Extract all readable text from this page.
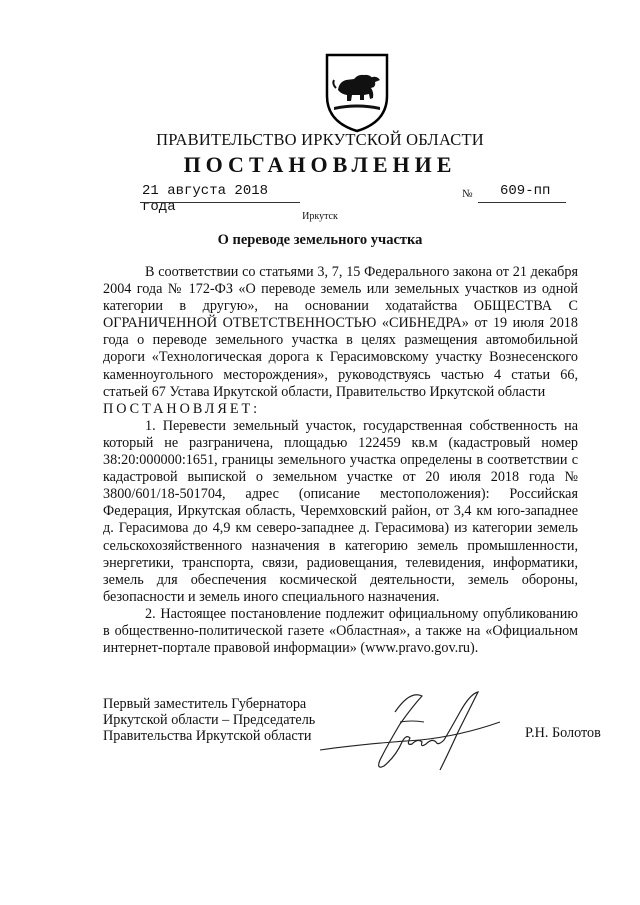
ПРАВИТЕЛЬСТВО ИРКУТСКОЙ ОБЛАСТИ
ПОСТАНОВЛЕНИЕ
21 августа 2018 года
№ 609-пп
Иркутск
О переводе земельного участка

В соответствии со статьями 3, 7, 15 Федерального закона от 21 декабря 2004 года № 172-ФЗ «О переводе земель или земельных участков из одной категории в другую», на основании ходатайства ОБЩЕСТВА С ОГРАНИЧЕННОЙ ОТВЕТСТВЕННОСТЬЮ «СИБНЕДРА» от 19 июля 2018 года о переводе земельного участка в целях размещения автомобильной дороги «Технологическая дорога к Герасимовскому участку Вознесенского каменноугольного месторождения», руководствуясь частью 4 статьи 66, статьей 67 Устава Иркутской области, Правительство Иркутской области

ПОСТАНОВЛЯЕТ:

1. Перевести земельный участок, государственная собственность на который не разграничена, площадью 122459 кв.м (кадастровый номер 38:20:000000:1651, границы земельного участка определены в соответствии с кадастровой выпиской о земельном участке от 20 июля 2018 года № 3800/601/18-501704, адрес (описание местоположения): Российская Федерация, Иркутская область, Черемховский район, от 3,4 км юго-западнее д. Герасимова до 4,9 км северо-западнее д. Герасимова) из категории земель сельскохозяйственного назначения в категорию земель промышленности, энергетики, транспорта, связи, радиовещания, телевидения, информатики, земель для обеспечения космической деятельности, земель обороны, безопасности и земель иного специального назначения.

2. Настоящее постановление подлежит официальному опубликованию в общественно-политической газете «Областная», а также на «Официальном интернет-портале правовой информации» (www.pravo.gov.ru).

Первый заместитель Губернатора
Иркутской области – Председатель
Правительства Иркутской области	Р.Н. Болотов
